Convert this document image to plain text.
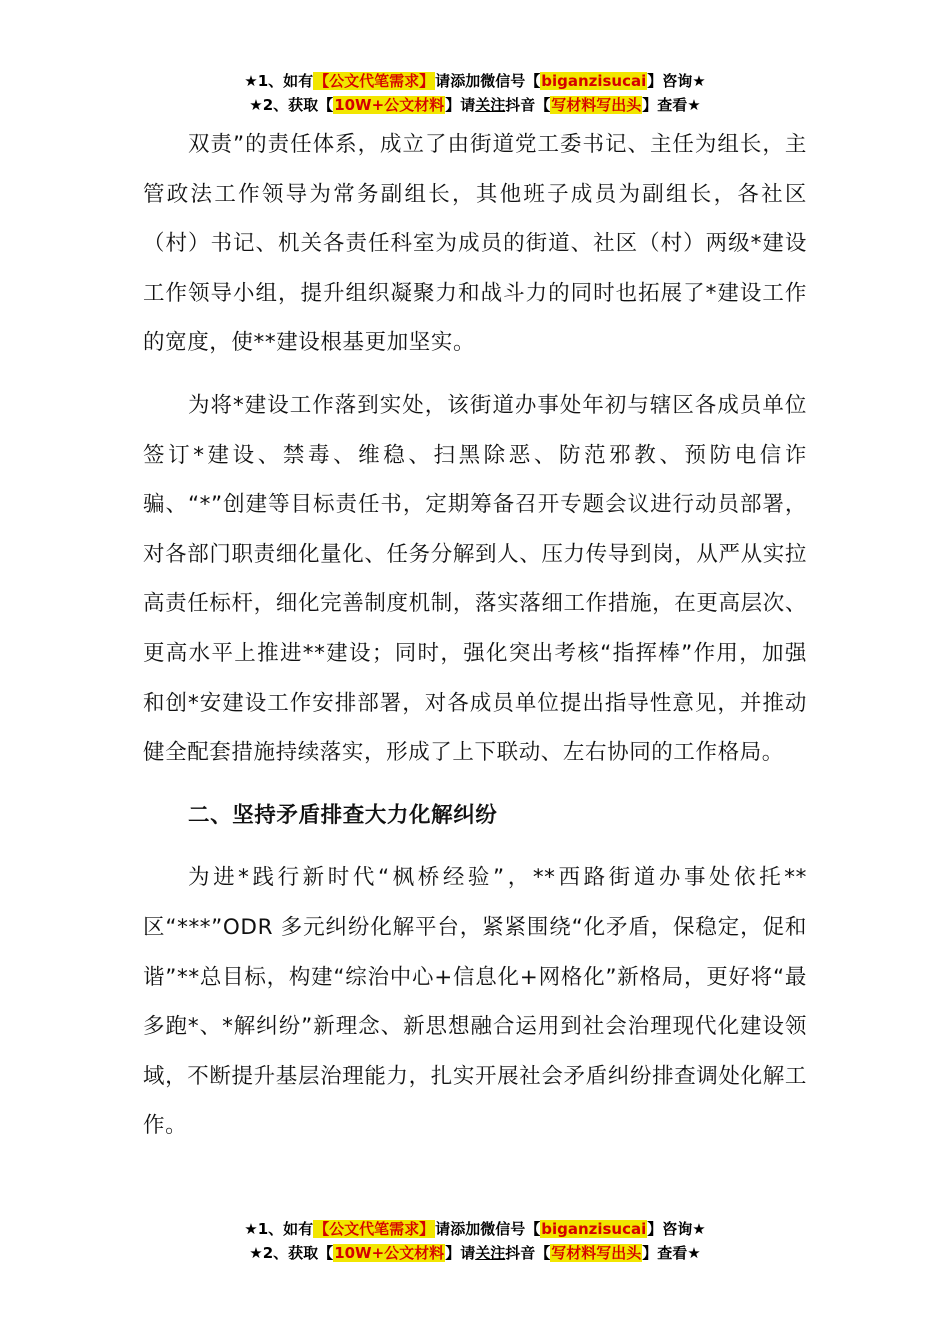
★1、如有【公文代笔需求】请添加微信号【biganzisucai】咨询★
★2、获取【10W+公文材料】请关注抖音【写材料写出头】查看★

双责”的责任体系，成立了由街道党工委书记、主任为组长，主管政法工作领导为常务副组长，其他班子成员为副组长，各社区（村）书记、机关各责任科室为成员的街道、社区（村）两级*建设工作领导小组，提升组织凝聚力和战斗力的同时也拓展了*建设工作的宽度，使**建设根基更加坚实。

为将*建设工作落到实处，该街道办事处年初与辖区各成员单位签订*建设、禁毒、维稳、扫黑除恶、防范邪教、预防电信诈骗、“*”创建等目标责任书，定期筹备召开专题会议进行动员部署，对各部门职责细化量化、任务分解到人、压力传导到岗，从严从实拉高责任标杆，细化完善制度机制，落实落细工作措施，在更高层次、更高水平上推进**建设；同时，强化突出考核“指挥棒”作用，加强和创*安建设工作安排部署，对各成员单位提出指导性意见，并推动健全配套措施持续落实，形成了上下联动、左右协同的工作格局。

二、坚持矛盾排查大力化解纠纷

为进*践行新时代“枫桥经验”，**西路街道办事处依托**区“***”ODR 多元纠纷化解平台，紧紧围绕“化矛盾，保稳定，促和谐”**总目标，构建“综治中心+信息化+网格化”新格局，更好将“最多跑*、*解纠纷”新理念、新思想融合运用到社会治理现代化建设领域，不断提升基层治理能力，扎实开展社会矛盾纠纷排查调处化解工作。

★1、如有【公文代笔需求】请添加微信号【biganzisucai】咨询★
★2、获取【10W+公文材料】请关注抖音【写材料写出头】查看★
